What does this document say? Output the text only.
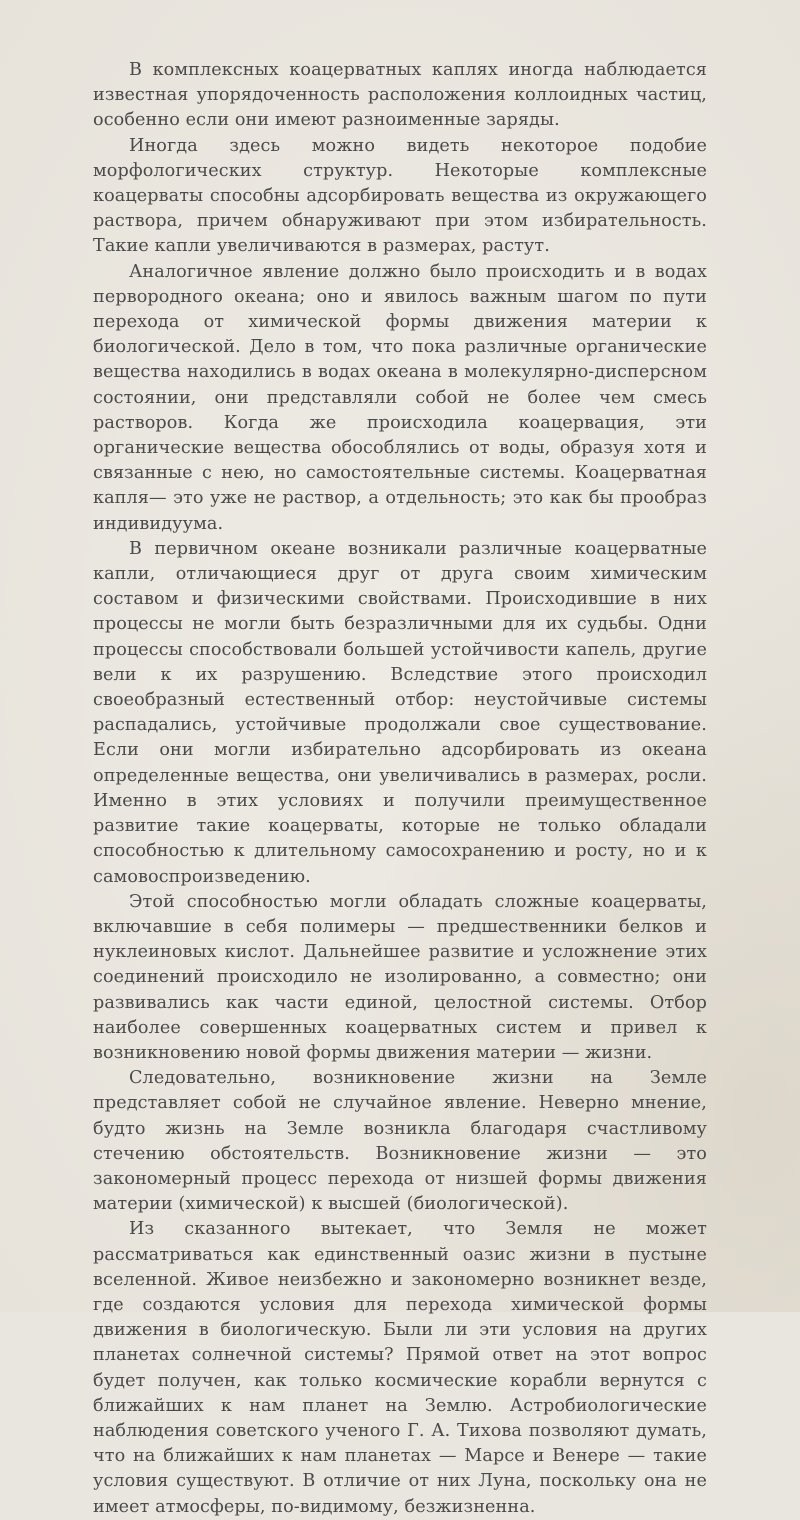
В комплексных коацерватных каплях иногда наблюдается известная упорядоченность расположения коллоидных частиц, особенно если они имеют разноименные заряды.

Иногда здесь можно видеть некоторое подобие морфологических структур. Некоторые комплексные коацерваты способны адсорбировать вещества из окружающего раствора, причем обнаруживают при этом избирательность. Такие капли увеличиваются в размерах, растут.

Аналогичное явление должно было происходить и в водах первородного океана; оно и явилось важным шагом по пути перехода от химической формы движения материи к биологической. Дело в том, что пока различные органические вещества находились в водах океана в молекулярно-дисперсном состоянии, они представляли собой не более чем смесь растворов. Когда же происходила коацервация, эти органические вещества обособлялись от воды, образуя хотя и связанные с нею, но самостоятельные системы. Коацерватная капля— это уже не раствор, а отдельность; это как бы прообраз индивидуума.

В первичном океане возникали различные коацерватные капли, отличающиеся друг от друга своим химическим составом и физическими свойствами. Происходившие в них процессы не могли быть безразличными для их судьбы. Одни процессы способствовали большей устойчивости капель, другие вели к их разрушению. Вследствие этого происходил своеобразный естественный отбор: неустойчивые системы распадались, устойчивые продолжали свое существование. Если они могли избирательно адсорбировать из океана определенные вещества, они увеличивались в размерах, росли. Именно в этих условиях и получили преимущественное развитие такие коацерваты, которые не только обладали способностью к длительному самосохранению и росту, но и к самовоспроизведению.

Этой способностью могли обладать сложные коацерваты, включавшие в себя полимеры — предшественники белков и нуклеиновых кислот. Дальнейшее развитие и усложнение этих соединений происходило не изолированно, а совместно; они развивались как части единой, целостной системы. Отбор наиболее совершенных коацерватных систем и привел к возникновению новой формы движения материи — жизни.

Следовательно, возникновение жизни на Земле представляет собой не случайное явление. Неверно мнение, будто жизнь на Земле возникла благодаря счастливому стечению обстоятельств. Возникновение жизни — это закономерный процесс перехода от низшей формы движения материи (химической) к высшей (биологической).

Из сказанного вытекает, что Земля не может рассматриваться как единственный оазис жизни в пустыне вселенной. Живое неизбежно и закономерно возникнет везде, где создаются условия для перехода химической формы движения в биологическую. Были ли эти условия на других планетах солнечной системы? Прямой ответ на этот вопрос будет получен, как только космические корабли вернутся с ближайших к нам планет на Землю. Астробиологические наблюдения советского ученого Г. А. Тихова позволяют думать, что на ближайших к нам планетах — Марсе и Венере — такие условия существуют. В отличие от них Луна, поскольку она не имеет атмосферы, по-видимому, безжизненна.
